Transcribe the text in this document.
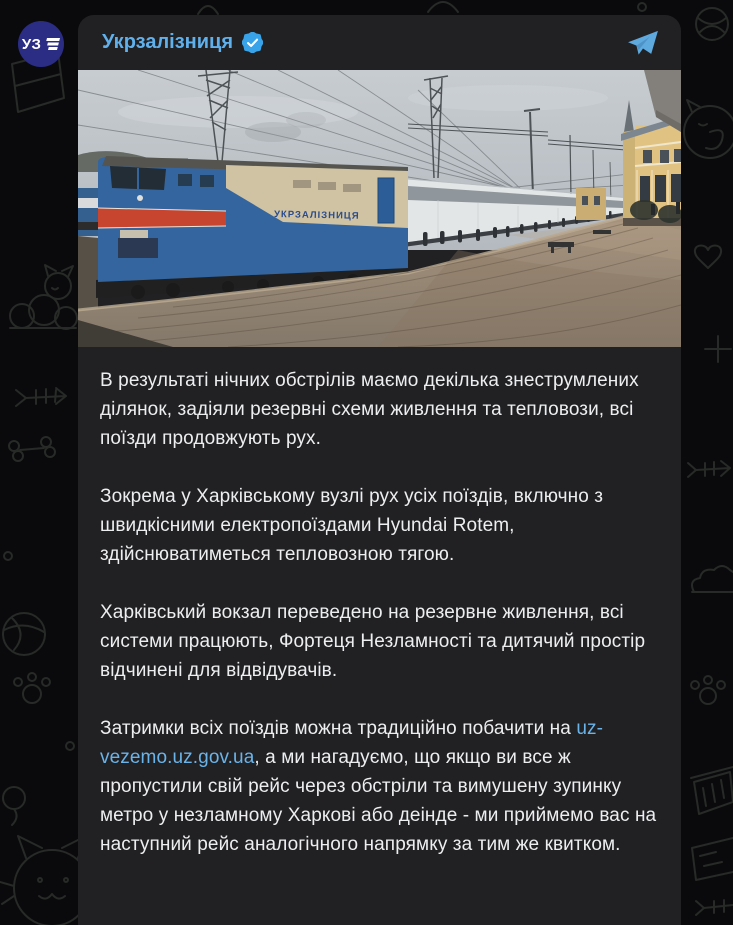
УЗ	Укрзалізниця
УКРЗАЛІЗНИЦЯ

В результаті нічних обстрілів маємо декілька знеструмлених ділянок, задіяли резервні схеми живлення та тепловози, всі поїзди продовжують рух.

Зокрема у Харківському вузлі рух усіх поїздів, включно з швидкісними електропоїздами Hyundai Rotem, здійснюватиметься тепловозною тягою.

Харківський вокзал переведено на резервне живлення, всі системи працюють, Фортеця Незламності та дитячий простір відчинені для відвідувачів.

Затримки всіх поїздів можна традиційно побачити на uz-vezemo.uz.gov.ua, а ми нагадуємо, що якщо ви все ж пропустили свій рейс через обстріли та вимушену зупинку метро у незламному Харкові або деінде - ми приймемо вас на наступний рейс аналогічного напрямку за тим же квитком.
